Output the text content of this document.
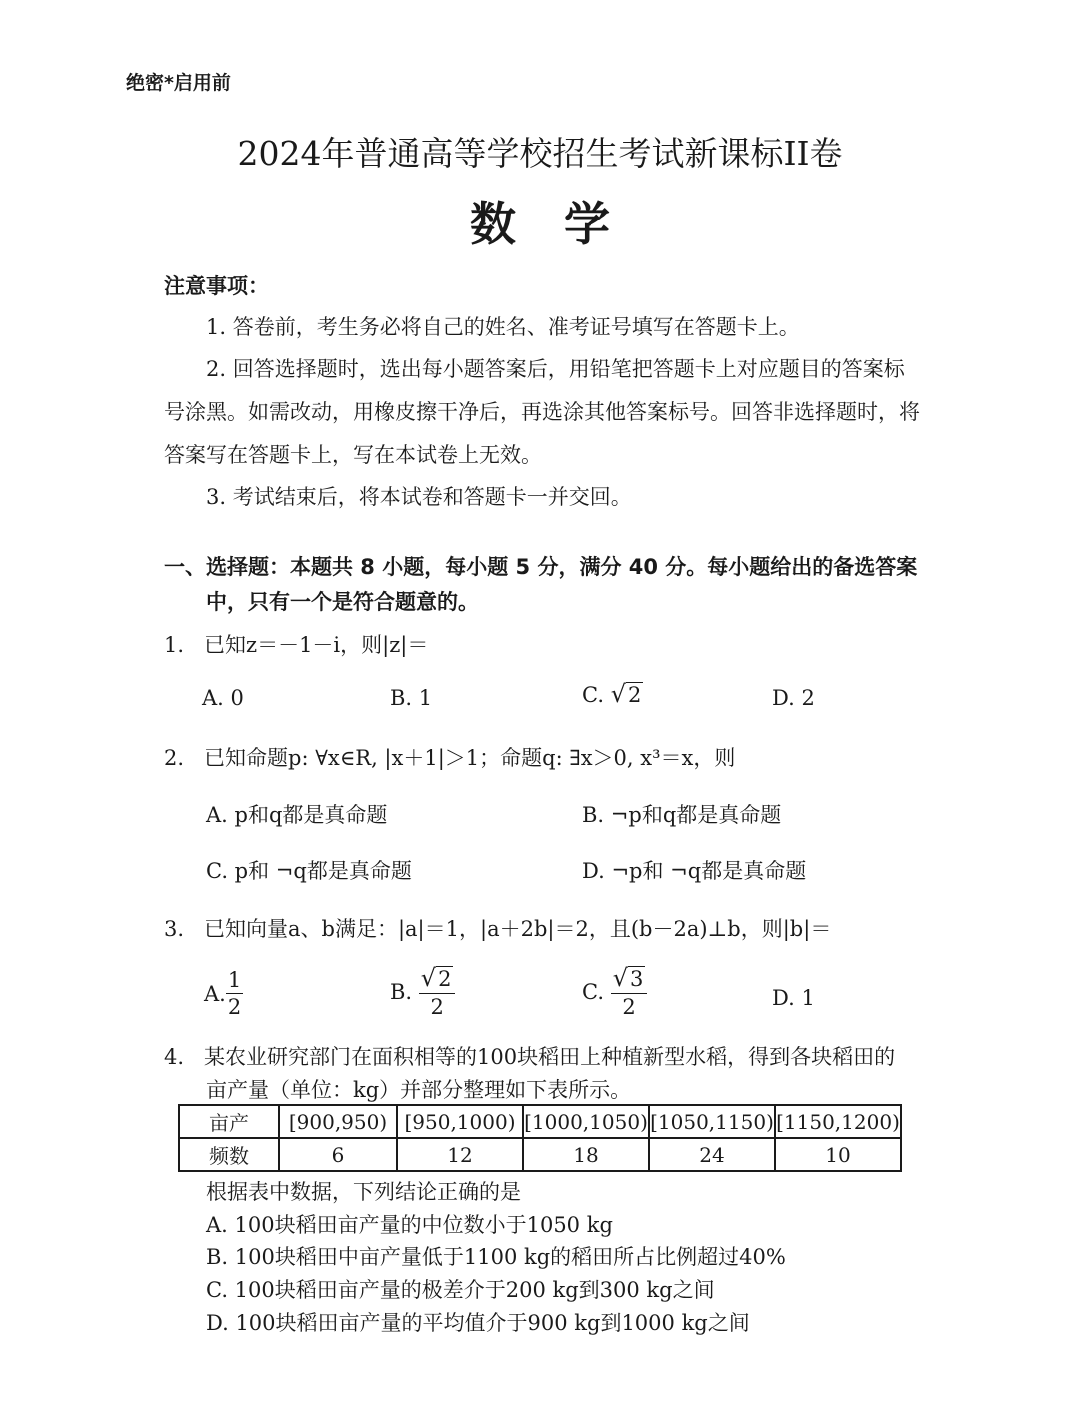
绝密*启用前
2024年普通高等学校招生考试新课标II卷
数 学
注意事项：
1. 答卷前，考生务必将自己的姓名、准考证号填写在答题卡上。
2. 回答选择题时，选出每小题答案后，用铅笔把答题卡上对应题目的答案标号涂黑。如需改动，用橡皮擦干净后，再选涂其他答案标号。回答非选择题时，将答案写在答题卡上，写在本试卷上无效。
3. 考试结束后，将本试卷和答题卡一并交回。
一、选择题：本题共 8 小题，每小题 5 分，满分 40 分。每小题给出的备选答案
中，只有一个是符合题意的。
1. 已知z＝－1－i，则|z|＝
A. 0	B. 1	C. √ 2	D. 2
2. 已知命题p: ∀x∈R, |x＋1|＞1；命题q: ∃x＞0, x³＝x，则
A. p和q都是真命题	B. ¬p和q都是真命题
C. p和 ¬q都是真命题	D. ¬p和 ¬q都是真命题
3. 已知向量a、b满足：|a|＝1，|a＋2b|＝2，且(b－2a)⊥b，则|b|＝
A. $\frac{1}{2}$	B. $\frac{√ 2}{2}$	C. $\frac{√ 3}{2}$	D. 1
4. 某农业研究部门在面积相等的100块稻田上种植新型水稻，得到各块稻田的
亩产量（单位：kg）并部分整理如下表所示。
亩产	[900,950)	[950,1000)	[1000,1050)	[1050,1150)	[1150,1200)
频数	6	12	18	24	10
根据表中数据，下列结论正确的是
A. 100块稻田亩产量的中位数小于1050 kg
B. 100块稻田中亩产量低于1100 kg的稻田所占比例超过40%
C. 100块稻田亩产量的极差介于200 kg到300 kg之间
D. 100块稻田亩产量的平均值介于900 kg到1000 kg之间
